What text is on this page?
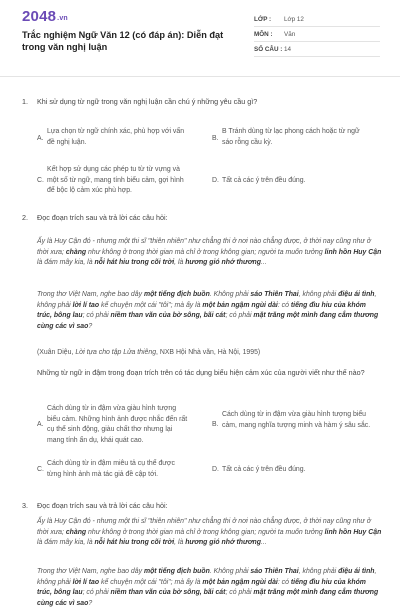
2048.vn
Trắc nghiệm Ngữ Văn 12 (có đáp án): Diễn đạt trong văn nghị luận
LỚP : Lớp 12
MÔN : Văn
SỐ CÂU : 14
1. Khi sử dụng từ ngữ trong văn nghị luận cần chú ý những yêu cầu gì?
A.
Lựa chọn từ ngữ chính xác, phù hợp với vấn đề nghị luận.	B.
B Tránh dùng từ lạc phong cách hoặc từ ngữ sáo rỗng cầu kỳ.
C.
Kết hợp sử dụng các phép tu từ từ vựng và một số từ ngữ, mang tính biểu cảm, gợi hình để bộc lộ cảm xúc phù hợp.
D. Tất cả các ý trên đều đúng.
2. Đọc đoạn trích sau và trả lời các câu hỏi:
Ấy là Huy Cận đó - nhưng một thi sĩ "thiên nhiên" như chẳng thi ở nơi nào chẳng được, ở thời nay cũng như ở thời xưa; chàng như không ở trong thời gian mà chỉ ở trong không gian; người ta muốn tưởng linh hồn Huy Cận là đám mây kia, là nỗi hát hiu trong cõi trời, là hương gió nhớ thương...
Trong thơ Việt Nam, nghe bao dây một tiếng địch buồn. Không phải sáo Thiên Thai, không phải điệu ái tình, không phải lời lí tao kể chuyện một cái "tôi"; mà ấy là một bản ngậm ngùi dài: có tiếng đìu hiu của khóm trúc, bông lau; có phải niềm than vãn của bờ sông, bãi cát; có phải mặt trăng một mình đang cắm thương cùng các vì sao?
(Xuân Diệu, Lời tựa cho tập Lửa thiêng, NXB Hội Nhà văn, Hà Nội, 1995)
Những từ ngữ in đậm trong đoạn trích trên có tác dụng biểu hiện cảm xúc của người viết như thế nào?
A.
Cách dùng từ in đậm vừa giàu hình tượng biểu cảm. Những hình ảnh được nhắc đến rất cụ thể sinh động, giàu chất thơ nhưng lại mang tính ẩn dụ, khái quát cao.
B.
Cách dùng từ in đậm vừa giàu hình tượng biểu cảm, mang nghĩa tượng minh và hàm ý sâu sắc.
C.
Cách dùng từ in đậm miêu tả cụ thể được từng hình ảnh mà tác giả đề cập tới.
D. Tất cả các ý trên đều đúng.
3. Đọc đoạn trích sau và trả lời các câu hỏi:
Ấy là Huy Cận đó - nhưng một thi sĩ "thiên nhiên" như chẳng thi ở nơi nào chẳng được, ở thời nay cũng như ở thời xưa; chàng như không ở trong thời gian mà chỉ ở trong không gian; người ta muốn tưởng linh hồn Huy Cận là đám mây kia, là nỗi hát hiu trong cõi trời, là hương gió nhớ thương...
Trong thơ Việt Nam, nghe bao dây một tiếng địch buồn. Không phải sáo Thiên Thai, không phải điệu ái tình, không phải lời lí tao kể chuyện một cái "tôi"; mà ấy là một bản ngậm ngùi dài: có tiếng đìu hiu của khóm trúc, bông lau; có phải niềm than vãn của bờ sông, bãi cát; có phải mặt trăng một mình đang cắm thương cùng các vì sao?
